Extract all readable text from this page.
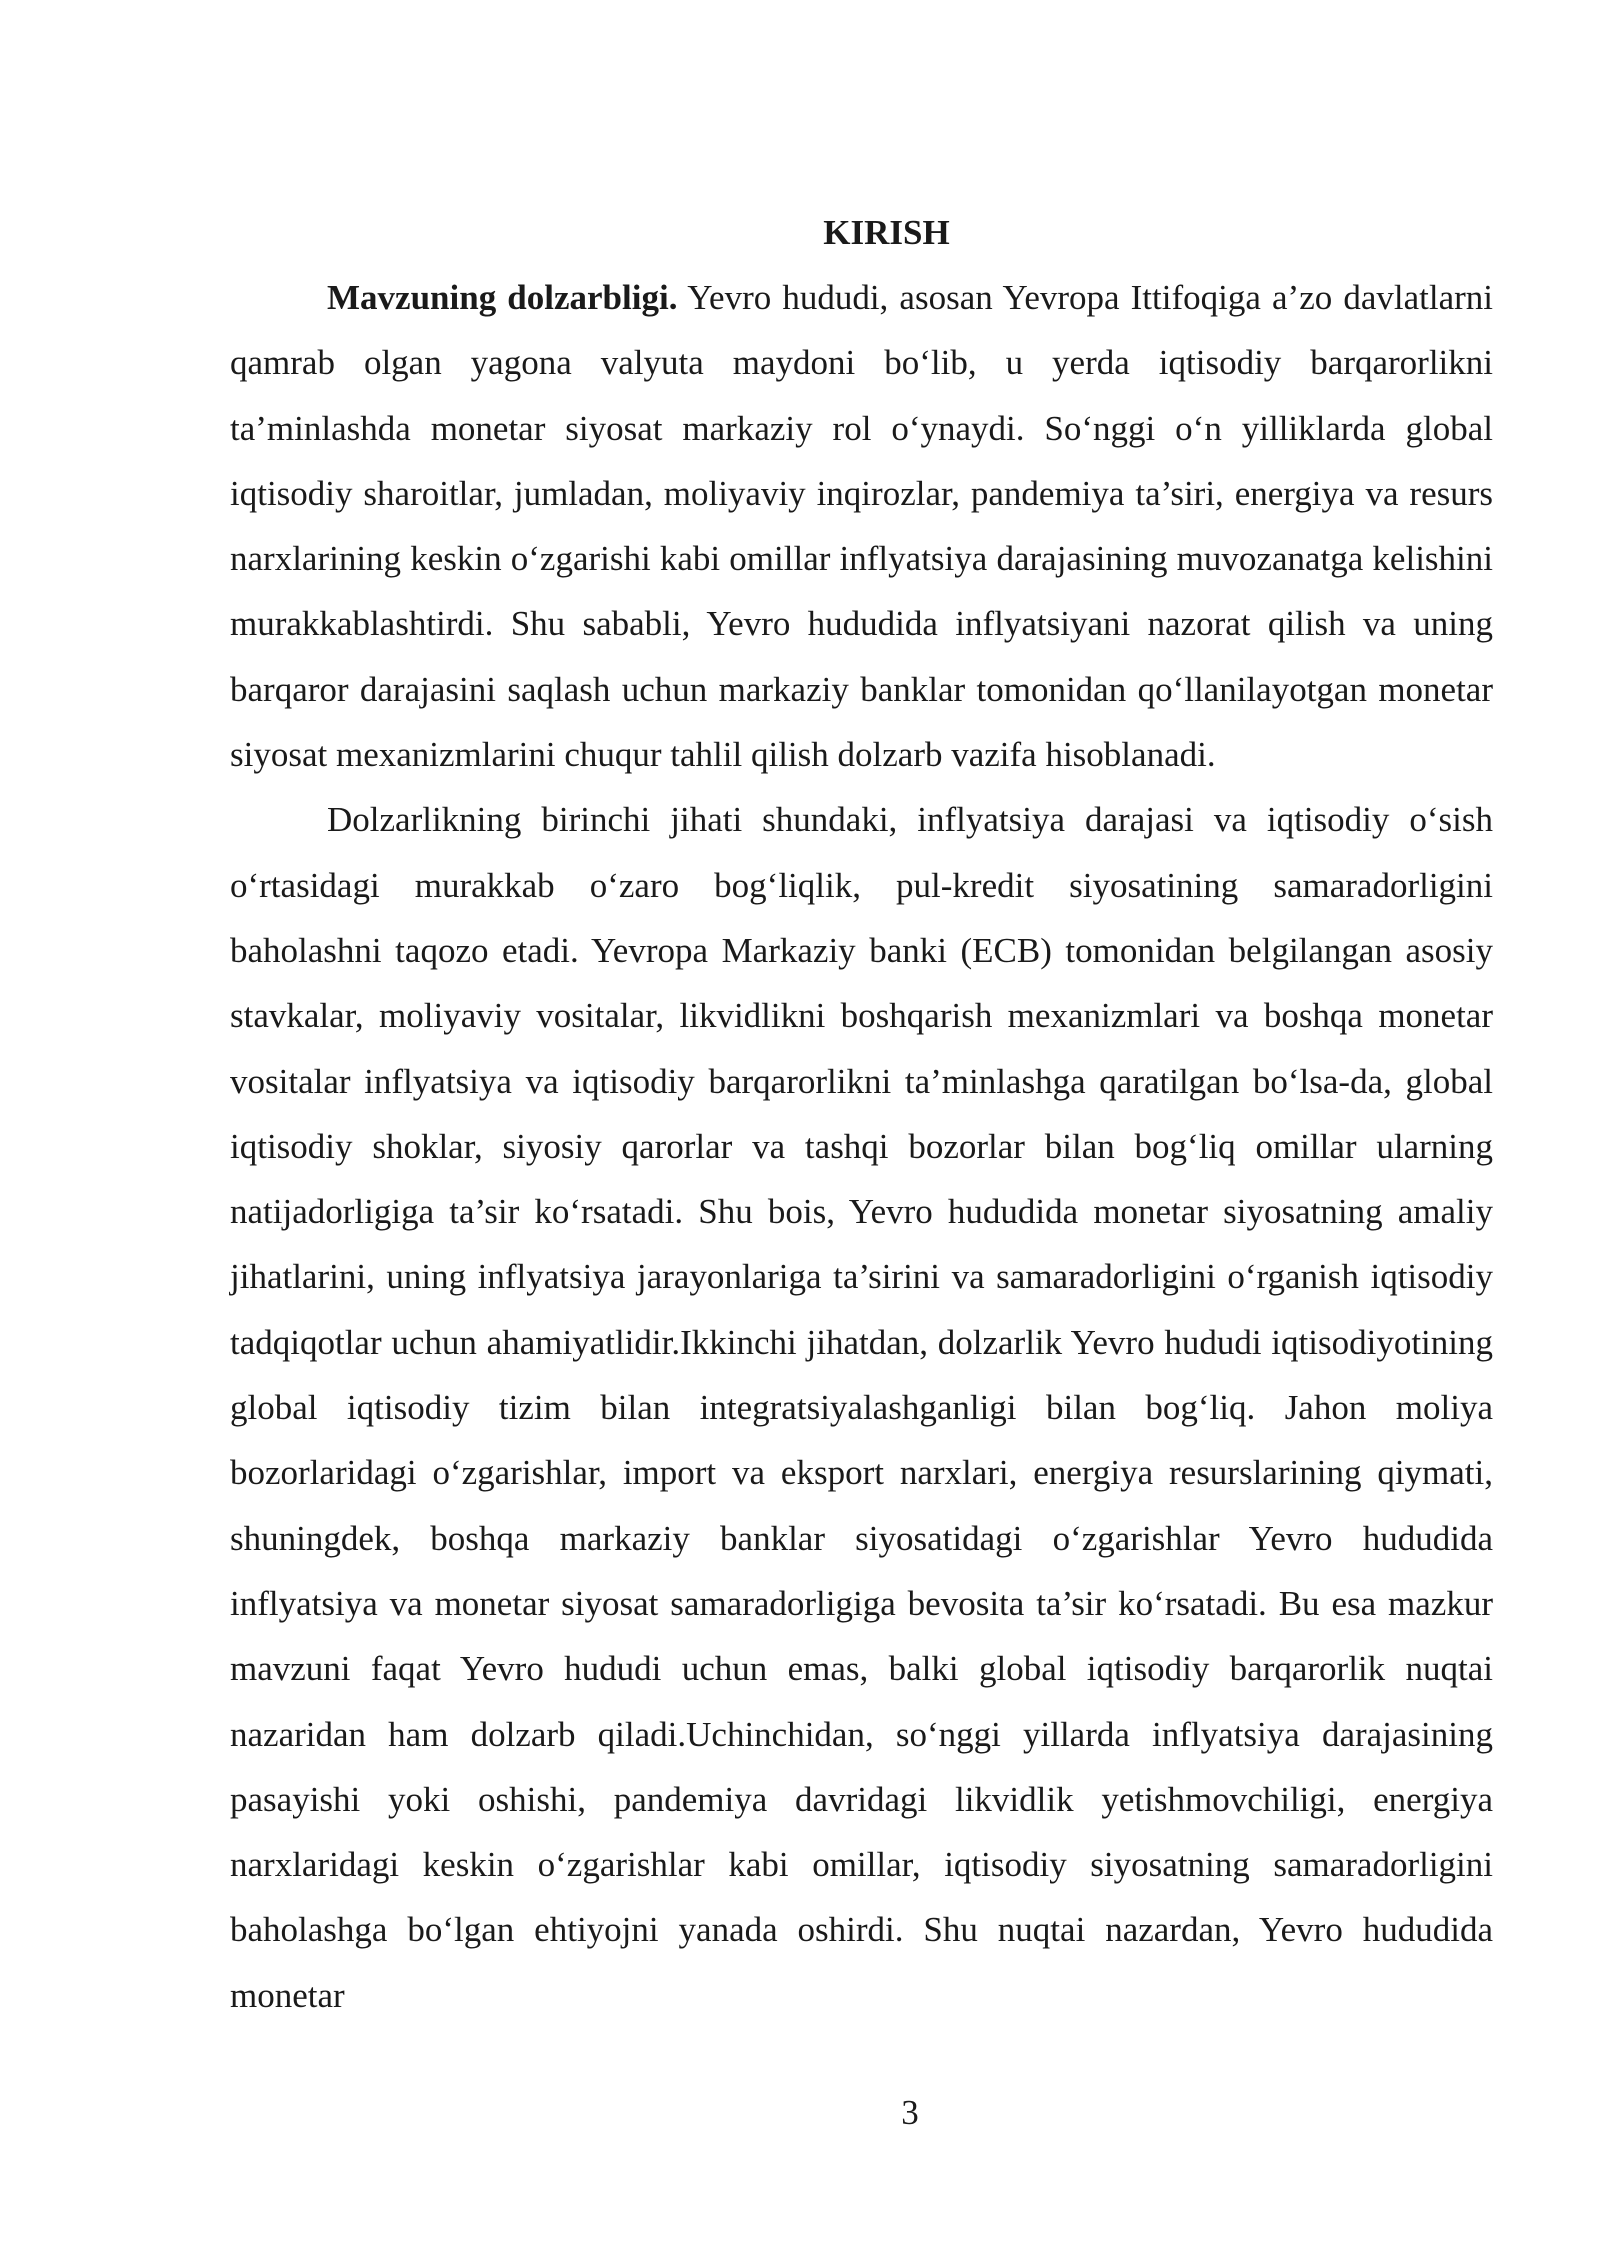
KIRISH

Mavzuning dolzarbligi. Yevro hududi, asosan Yevropa Ittifoqiga a’zo davlatlarni qamrab olgan yagona valyuta maydoni bo‘lib, u yerda iqtisodiy barqarorlikni ta’minlashda monetar siyosat markaziy rol o‘ynaydi. So‘nggi o‘n yilliklarda global iqtisodiy sharoitlar, jumladan, moliyaviy inqirozlar, pandemiya ta’siri, energiya va resurs narxlarining keskin o‘zgarishi kabi omillar inflyatsiya darajasining muvozanatga kelishini murakkablashtirdi. Shu sababli, Yevro hududida inflyatsiyani nazorat qilish va uning barqaror darajasini saqlash uchun markaziy banklar tomonidan qo‘llanilayotgan monetar siyosat mexanizmlarini chuqur tahlil qilish dolzarb vazifa hisoblanadi.

Dolzarlikning birinchi jihati shundaki, inflyatsiya darajasi va iqtisodiy o‘sish o‘rtasidagi murakkab o‘zaro bog‘liqlik, pul-kredit siyosatining samaradorligini baholashni taqozo etadi. Yevropa Markaziy banki (ECB) tomonidan belgilangan asosiy stavkalar, moliyaviy vositalar, likvidlikni boshqarish mexanizmlari va boshqa monetar vositalar inflyatsiya va iqtisodiy barqarorlikni ta’minlashga qaratilgan bo‘lsa-da, global iqtisodiy shoklar, siyosiy qarorlar va tashqi bozorlar bilan bog‘liq omillar ularning natijadorligiga ta’sir ko‘rsatadi. Shu bois, Yevro hududida monetar siyosatning amaliy jihatlarini, uning inflyatsiya jarayonlariga ta’sirini va samaradorligini o‘rganish iqtisodiy tadqiqotlar uchun ahamiyatlidir.Ikkinchi jihatdan, dolzarlik Yevro hududi iqtisodiyotining global iqtisodiy tizim bilan integratsiyalashganligi bilan bog‘liq. Jahon moliya bozorlaridagi o‘zgarishlar, import va eksport narxlari, energiya resurslarining qiymati, shuningdek, boshqa markaziy banklar siyosatidagi o‘zgarishlar Yevro hududida inflyatsiya va monetar siyosat samaradorligiga bevosita ta’sir ko‘rsatadi. Bu esa mazkur mavzuni faqat Yevro hududi uchun emas, balki global iqtisodiy barqarorlik nuqtai nazaridan ham dolzarb qiladi.Uchinchidan, so‘nggi yillarda inflyatsiya darajasining pasayishi yoki oshishi, pandemiya davridagi likvidlik yetishmovchiligi, energiya narxlaridagi keskin o‘zgarishlar kabi omillar, iqtisodiy siyosatning samaradorligini baholashga bo‘lgan ehtiyojni yanada oshirdi. Shu nuqtai nazardan, Yevro hududida monetar

3
